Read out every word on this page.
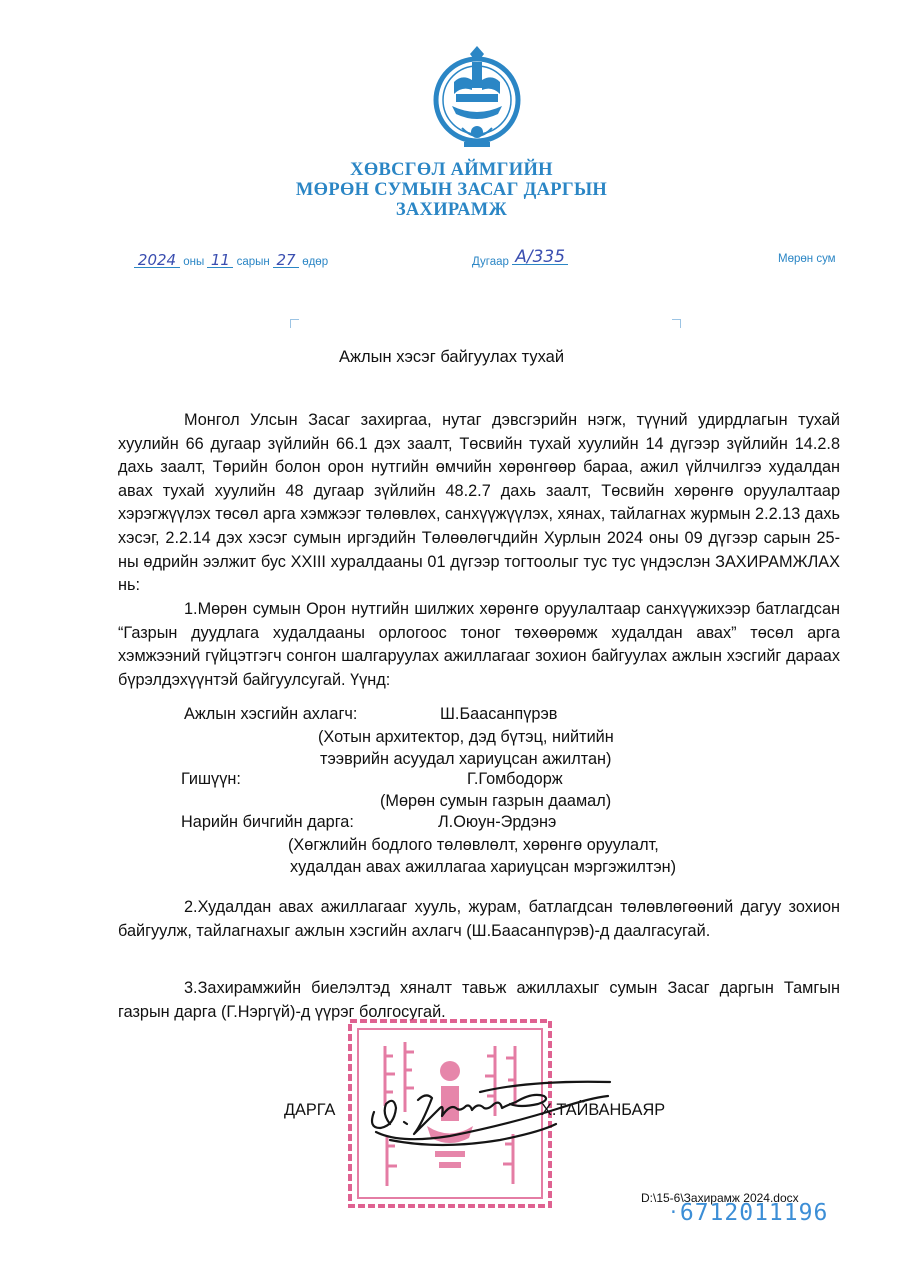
ХӨВСГӨЛ АЙМГИЙН
МӨРӨН СУМЫН ЗАСАГ ДАРГЫН
ЗАХИРАМЖ
2024 оны 11 сарын 27 өдөр	Дугаар А/335	Мөрөн сум
Ажлын хэсэг байгуулах тухай

Монгол Улсын Засаг захиргаа, нутаг дэвсгэрийн нэгж, түүний удирдлагын тухай хуулийн 66 дугаар зүйлийн 66.1 дэх заалт, Төсвийн тухай хуулийн 14 дүгээр зүйлийн 14.2.8 дахь заалт, Төрийн болон орон нутгийн өмчийн хөрөнгөөр бараа, ажил үйлчилгээ худалдан авах тухай хуулийн 48 дугаар зүйлийн 48.2.7 дахь заалт, Төсвийн хөрөнгө оруулалтаар хэрэгжүүлэх төсөл арга хэмжээг төлөвлөх, санхүүжүүлэх, хянах, тайлагнах журмын 2.2.13 дахь хэсэг, 2.2.14 дэх хэсэг сумын иргэдийн Төлөөлөгчдийн Хурлын 2024 оны 09 дүгээр сарын 25-ны өдрийн ээлжит бус XXIII хуралдааны 01 дүгээр тогтоолыг тус тус үндэслэн ЗАХИРАМЖЛАХ нь:

1.Мөрөн сумын Орон нутгийн шилжих хөрөнгө оруулалтаар санхүүжихээр батлагдсан “Газрын дуудлага худалдааны орлогоос тоног төхөөрөмж худалдан авах” төсөл арга хэмжээний гүйцэтгэгч сонгон шалгаруулах ажиллагааг зохион байгуулах ажлын хэсгийг дараах бүрэлдэхүүнтэй байгуулсугай. Үүнд:

Ажлын хэсгийн ахлагч:	Ш.Баасанпүрэв
(Хотын архитектор, дэд бүтэц, нийтийн
тээврийн асуудал хариуцсан ажилтан)
Гишүүн:	Г.Гомбодорж
(Мөрөн сумын газрын даамал)
Нарийн бичгийн дарга:	Л.Оюун-Эрдэнэ
(Хөгжлийн бодлого төлөвлөлт, хөрөнгө оруулалт,
худалдан авах ажиллагаа хариуцсан мэргэжилтэн)

2.Худалдан авах ажиллагааг хууль, журам, батлагдсан төлөвлөгөөний дагуу зохион байгуулж, тайлагнахыг ажлын хэсгийн ахлагч (Ш.Баасанпүрэв)-д даалгасугай.

3.Захирамжийн биелэлтэд хяналт тавьж ажиллахыг сумын Засаг даргын Тамгын газрын дарга (Г.Нэргүй)-д үүрэг болгосугай.

ДАРГА	Х.ТАЙВАНБАЯР
D:\15-6\Захирамж 2024.docx
·6712011196
